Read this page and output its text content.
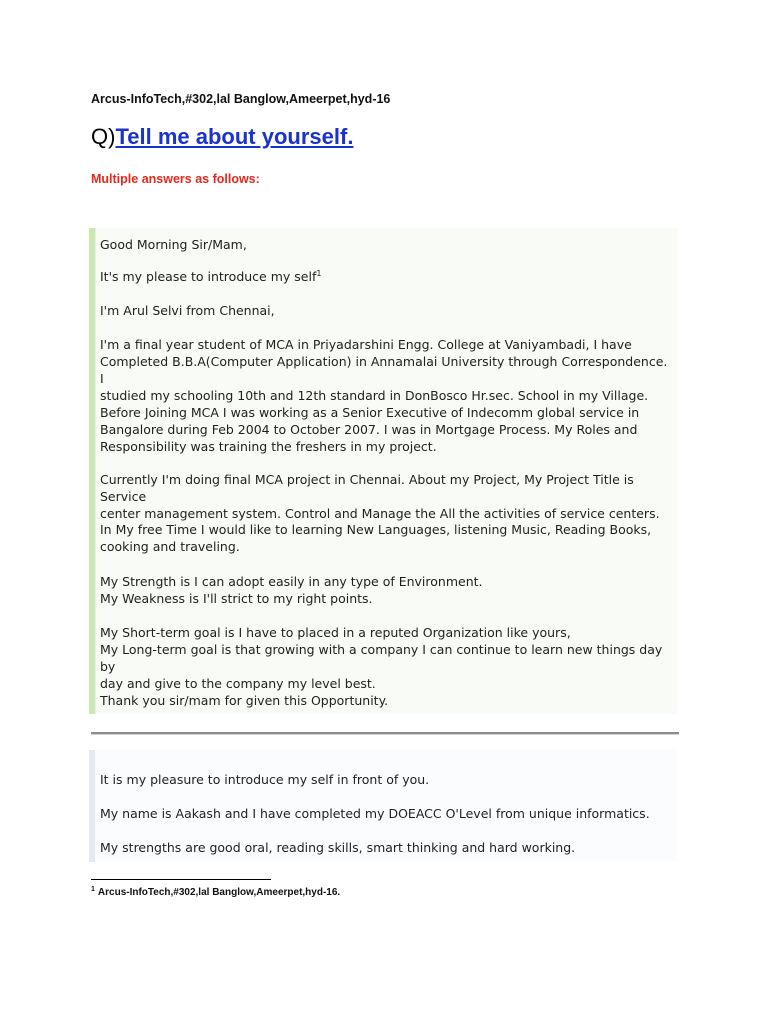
Arcus-InfoTech,#302,lal Banglow,Ameerpet,hyd-16
Q)Tell me about yourself.
Multiple answers as follows:
Good Morning Sir/Mam,
It's my please to introduce my self$^1$
I'm Arul Selvi from Chennai,
I'm a final year student of MCA in Priyadarshini Engg. College at Vaniyambadi, I have
Completed B.B.A(Computer Application) in Annamalai University through Correspondence. I
studied my schooling 10th and 12th standard in DonBosco Hr.sec. School in my Village.
Before Joining MCA I was working as a Senior Executive of Indecomm global service in
Bangalore during Feb 2004 to October 2007. I was in Mortgage Process. My Roles and
Responsibility was training the freshers in my project.
Currently I'm doing final MCA project in Chennai. About my Project, My Project Title is Service
center management system. Control and Manage the All the activities of service centers.
In My free Time I would like to learning New Languages, listening Music, Reading Books,
cooking and traveling.
My Strength is I can adopt easily in any type of Environment.
My Weakness is I'll strict to my right points.
My Short-term goal is I have to placed in a reputed Organization like yours,
My Long-term goal is that growing with a company I can continue to learn new things day by
day and give to the company my level best.
Thank you sir/mam for given this Opportunity.
It is my pleasure to introduce my self in front of you.
My name is Aakash and I have completed my DOEACC O'Level from unique informatics.
My strengths are good oral, reading skills, smart thinking and hard working.
$^1$ Arcus-InfoTech,#302,lal Banglow,Ameerpet,hyd-16.
